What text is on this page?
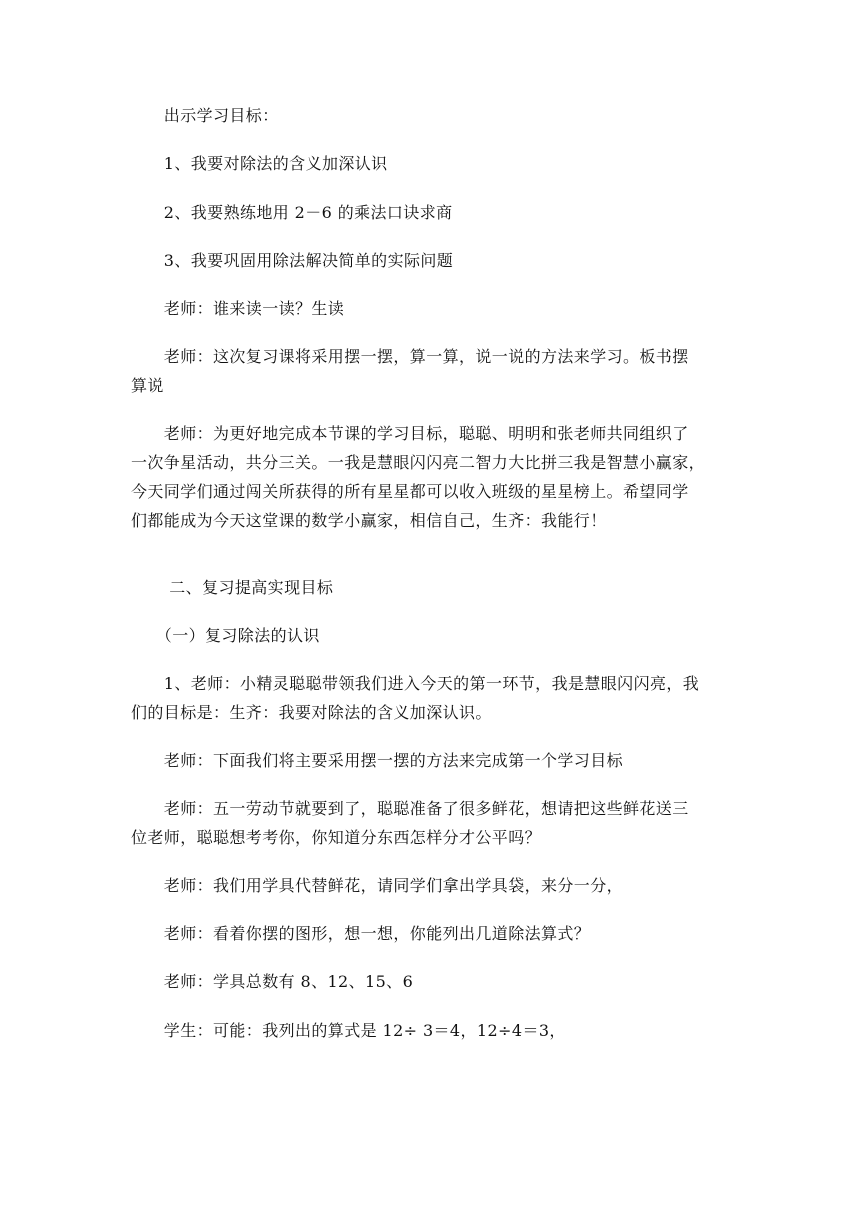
　　出示学习目标：
　　1、我要对除法的含义加深认识
　　2、我要熟练地用 2－6 的乘法口诀求商
　　3、我要巩固用除法解决简单的实际问题
　　老师：谁来读一读？生读
　　老师：这次复习课将采用摆一摆，算一算，说一说的方法来学习。板书摆
算说
　　老师：为更好地完成本节课的学习目标，聪聪、明明和张老师共同组织了
一次争星活动，共分三关。一我是慧眼闪闪亮二智力大比拼三我是智慧小赢家，
今天同学们通过闯关所获得的所有星星都可以收入班级的星星榜上。希望同学
们都能成为今天这堂课的数学小赢家，相信自己，生齐：我能行！
　　 二、复习提高实现目标
　　（一）复习除法的认识
　　1、老师：小精灵聪聪带领我们进入今天的第一环节，我是慧眼闪闪亮，我
们的目标是：生齐：我要对除法的含义加深认识。
　　老师：下面我们将主要采用摆一摆的方法来完成第一个学习目标
　　老师：五一劳动节就要到了，聪聪准备了很多鲜花，想请把这些鲜花送三
位老师，聪聪想考考你，你知道分东西怎样分才公平吗？
　　老师：我们用学具代替鲜花，请同学们拿出学具袋，来分一分，
　　老师：看着你摆的图形，想一想，你能列出几道除法算式？
　　老师：学具总数有 8、12、15、6
　　学生：可能：我列出的算式是 12÷ 3＝4，12÷4＝3，
